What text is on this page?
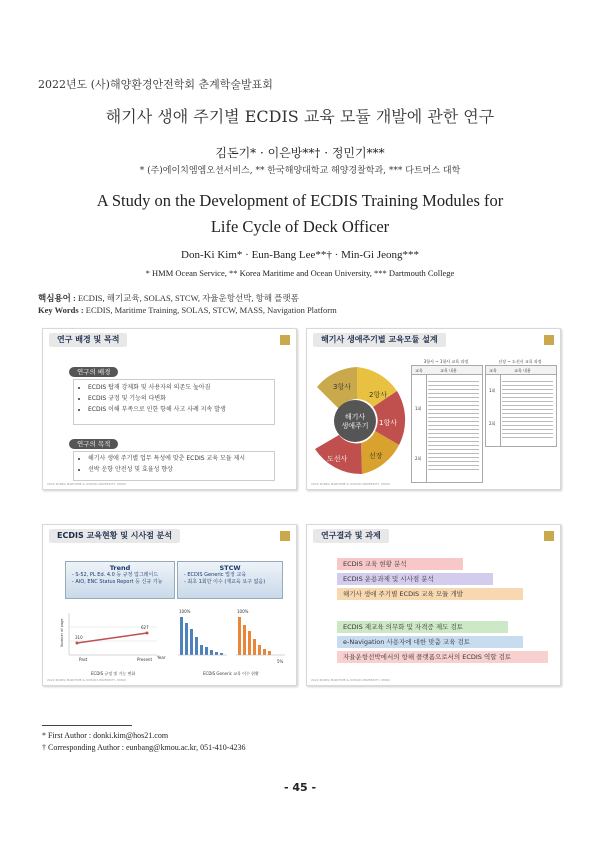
2022년도 (사)해양환경안전학회 춘계학술발표회
해기사 생애 주기별 ECDIS 교육 모듈 개발에 관한 연구
김돈기* · 이은방**† · 정민기***
* (주)에이치엠엠오션서비스, ** 한국해양대학교 해양경찰학과, *** 다트머스 대학
A Study on the Development of ECDIS Training Modules for
Life Cycle of Deck Officer
Don-Ki Kim* · Eun-Bang Lee**† · Min-Gi Jeong***
* HMM Ocean Service, ** Korea Maritime and Ocean University, *** Dartmouth College
핵심용어 : ECDIS, 해기교육, SOLAS, STCW, 자율운항선박, 항해 플랫폼
Key Words : ECDIS, Maritime Training, SOLAS, STCW, MASS, Navigation Platform
연구 배경 및 목적
연구의 배경
• ECDIS 탑재 강제화 및 사용자의 의존도 높아짐
• ECDIS 규정 및 기능의 다변화
• ECDIS 이해 부족으로 인한 항해 사고 사례 지속 발생
연구의 목적
• 해기사 생애 주기별 업무 특성에 맞춘 ECDIS 교육 모듈 제시
• 선박 운항 안전성 및 효율성 향상
2022 KOREA MARITIME & OCEAN UNIVERSITY, KMOU
해기사 생애주기별 교육모듈 설계
해기사
생애주기
3항사
2항사
1항사
선장
도선사
3항사 ~ 1항사 교육 과정	선장 ~ 도선사 교육 과정
교육	교육 내용
1회
2회
교육	교육 내용
1회
2회
2022 KOREA MARITIME & OCEAN UNIVERSITY, KMOU
ECDIS 교육현황 및 시사점 분석
Trend
- S-52, PL Ed. 4.0 등 규정 업그레이드
- AIO, ENC Status Report 등 신규 기능
STCW
- ECDIS Generic 법정 교육
- 최초 1회만 이수 (재교육 요구 없음)
310
627
Past	Present Year
Number of page
100%	100%
5%
ECDIS 규정 및 기능 변화	ECDIS Generic 교육 이수 현황
2022 KOREA MARITIME & OCEAN UNIVERSITY, KMOU
연구결과 및 과제
ECDIS 교육 현황 분석
ECDIS 운용과제 및 시사점 분석
해기사 생애 주기별 ECDIS 교육 모듈 개발
ECDIS 재교육 의무화 및 자격증 제도 검토
e-Navigation 사용자에 대한 맞춤 교육 검토
자율운항선박에서의 항해 플랫폼으로서의 ECDIS 역할 검토
2022 KOREA MARITIME & OCEAN UNIVERSITY, KMOU
* First Author : donki.kim@hos21.com
† Corresponding Author : eunbang@kmou.ac.kr, 051-410-4236
- 45 -
